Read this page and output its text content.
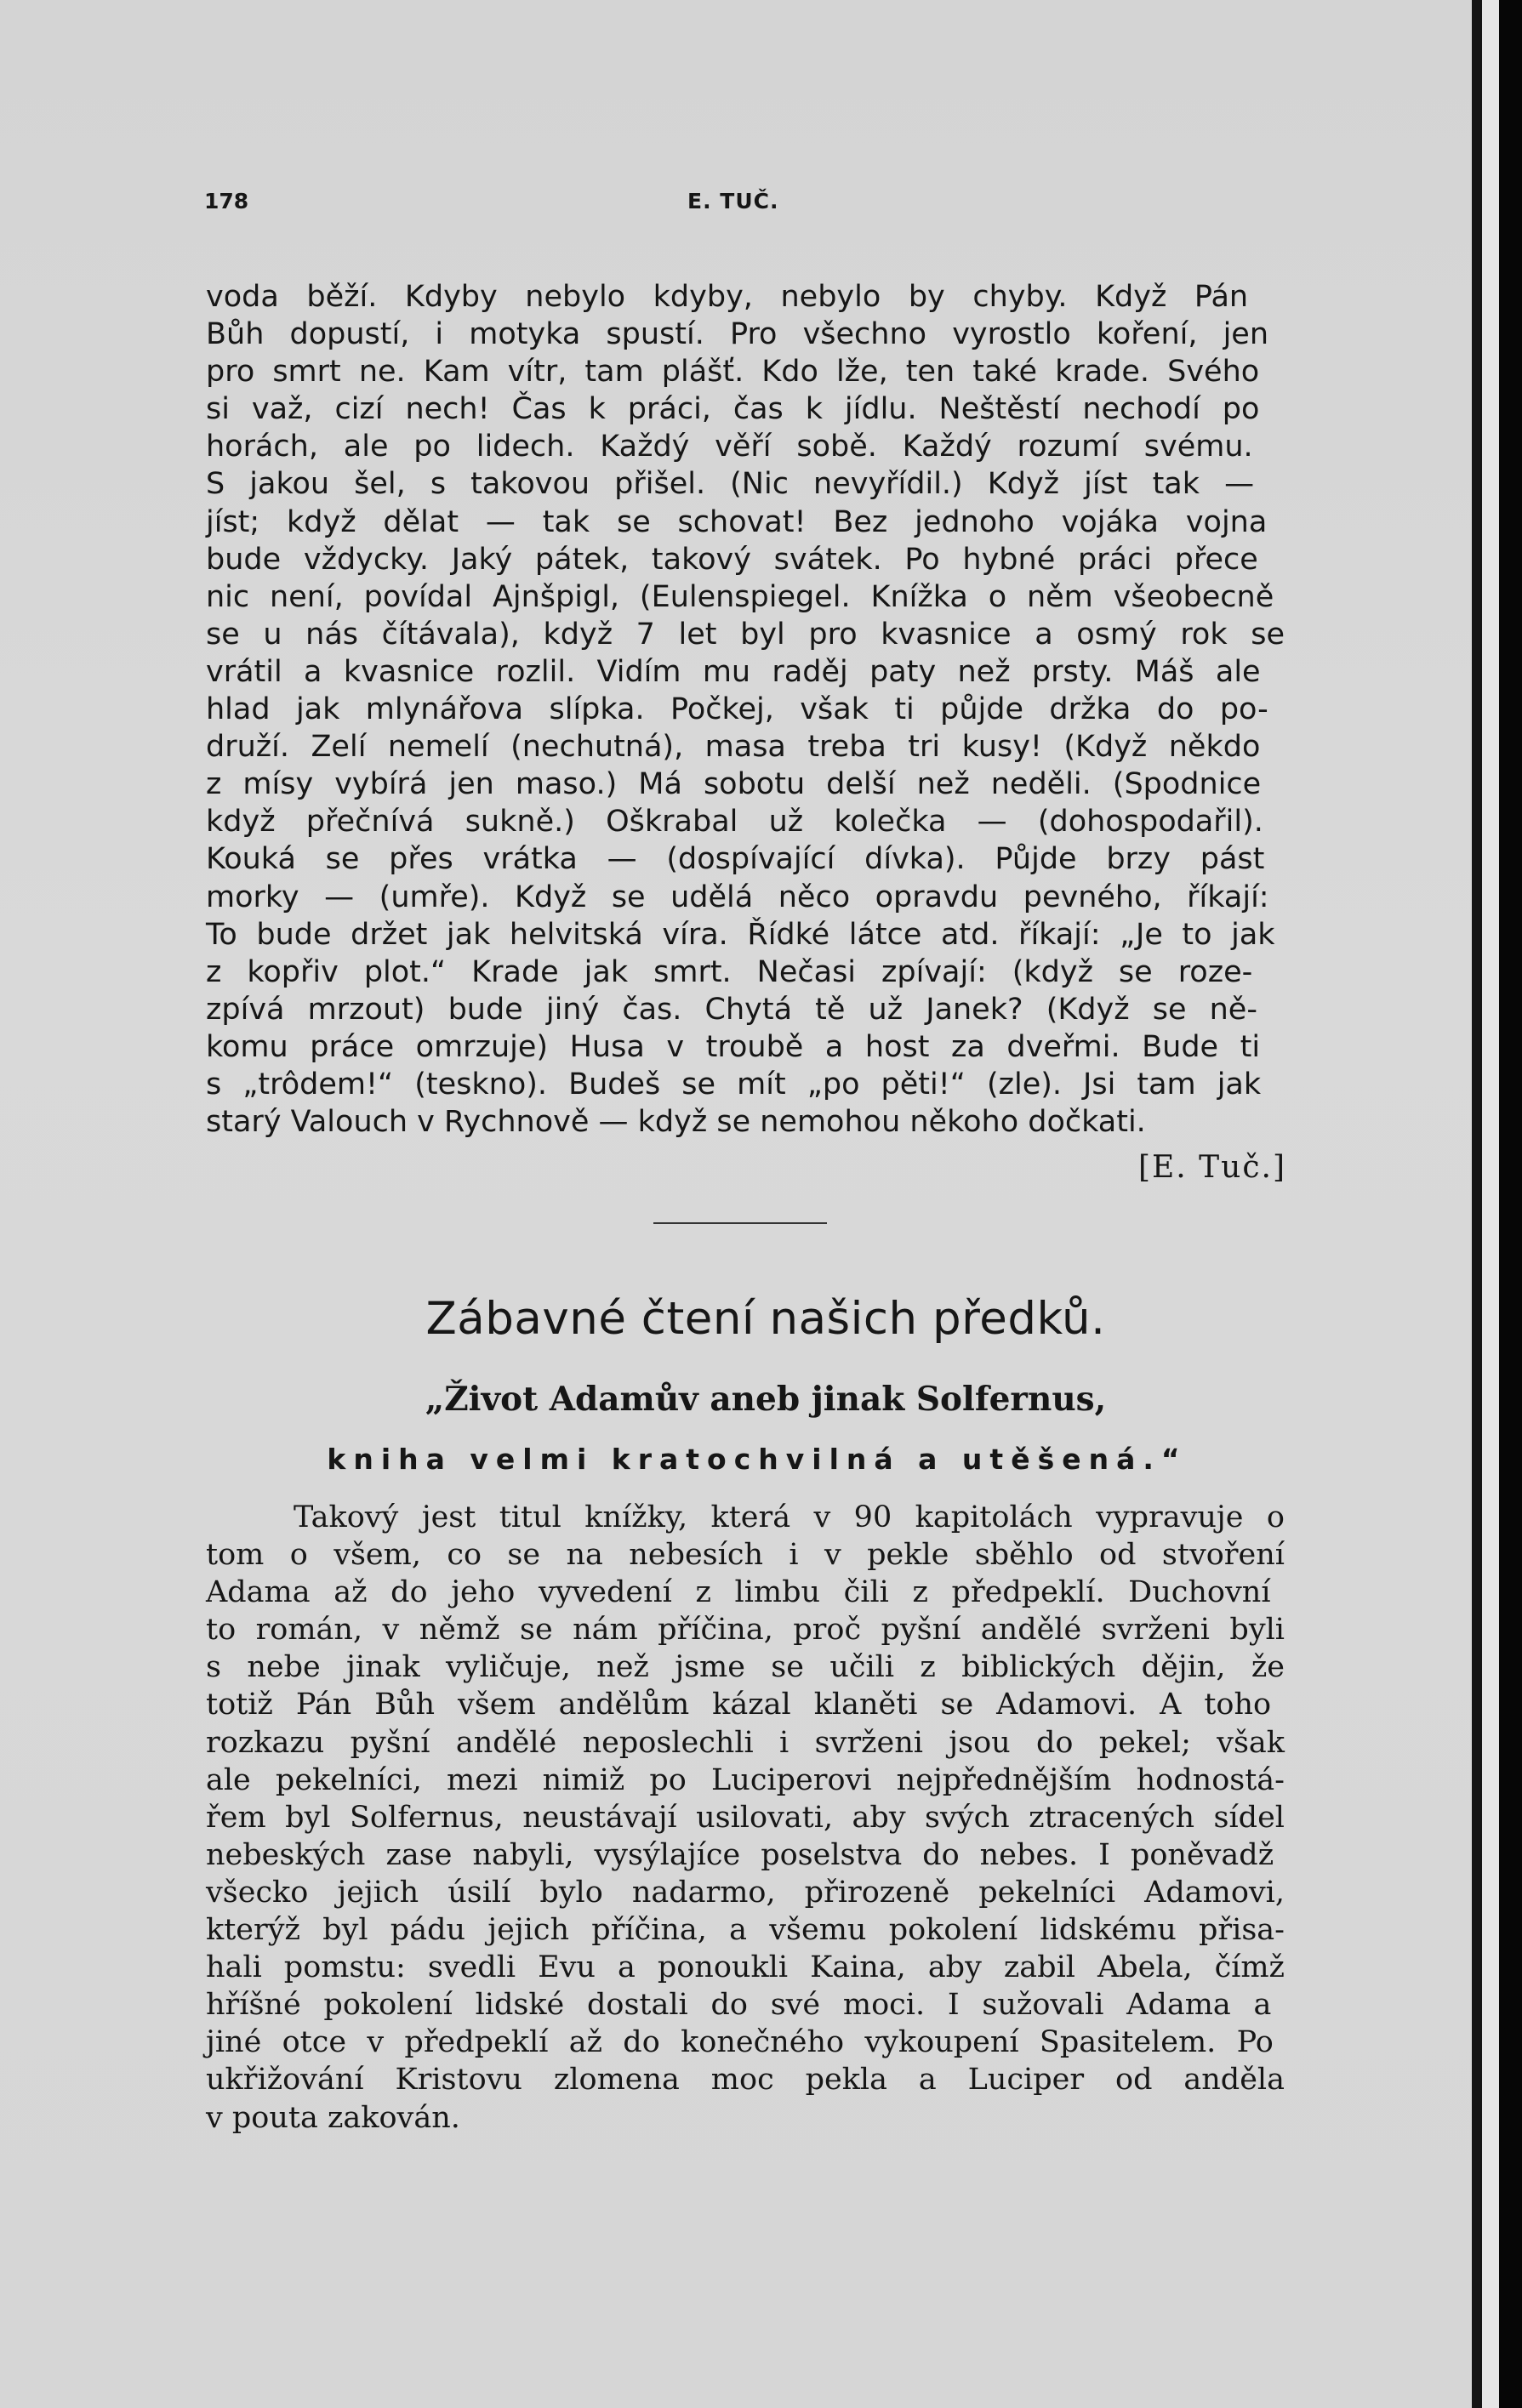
178	E. TUČ.
voda běží. Kdyby nebylo kdyby, nebylo by chyby. Když Pán
Bůh dopustí, i motyka spustí. Pro všechno vyrostlo koření, jen
pro smrt ne. Kam vítr, tam plášť. Kdo lže, ten také krade. Svého
si važ, cizí nech! Čas k práci, čas k jídlu. Neštěstí nechodí po
horách, ale po lidech. Každý věří sobě. Každý rozumí svému.
S jakou šel, s takovou přišel. (Nic nevyřídil.) Když jíst tak —
jíst; když dělat — tak se schovat! Bez jednoho vojáka vojna
bude vždycky. Jaký pátek, takový svátek. Po hybné práci přece
nic není, povídal Ajnšpigl, (Eulenspiegel. Knížka o něm všeobecně
se u nás čítávala), když 7 let byl pro kvasnice a osmý rok se
vrátil a kvasnice rozlil. Vidím mu raděj paty než prsty. Máš ale
hlad jak mlynářova slípka. Počkej, však ti půjde držka do po-
druží. Zelí nemelí (nechutná), masa treba tri kusy! (Když někdo
z mísy vybírá jen maso.) Má sobotu delší než neděli. (Spodnice
když přečnívá sukně.) Oškrabal už kolečka — (dohospodařil).
Kouká se přes vrátka — (dospívající dívka). Půjde brzy pást
morky — (umře). Když se udělá něco opravdu pevného, říkají:
To bude držet jak helvitská víra. Řídké látce atd. říkají: „Je to jak
z kopřiv plot.“ Krade jak smrt. Nečasi zpívají: (když se roze-
zpívá mrzout) bude jiný čas. Chytá tě už Janek? (Když se ně-
komu práce omrzuje) Husa v troubě a host za dveřmi. Bude ti
s „trôdem!“ (teskno). Budeš se mít „po pěti!“ (zle). Jsi tam jak
starý Valouch v Rychnově — když se nemohou někoho dočkati.
[E. Tuč.]
Zábavné čtení našich předků.
„Život Adamův aneb jinak Solfernus,
kniha velmi kratochvilná a utěšená.“
Takový jest titul knížky, která v 90 kapitolách vypravuje o
tom o všem, co se na nebesích i v pekle sběhlo od stvoření
Adama až do jeho vyvedení z limbu čili z předpeklí. Duchovní
to román, v němž se nám příčina, proč pyšní andělé svrženi byli
s nebe jinak vyličuje, než jsme se učili z biblických dějin, že
totiž Pán Bůh všem andělům kázal klaněti se Adamovi. A toho
rozkazu pyšní andělé neposlechli i svrženi jsou do pekel; však
ale pekelníci, mezi nimiž po Luciperovi nejpřednějším hodnostá-
řem byl Solfernus, neustávají usilovati, aby svých ztracených sídel
nebeských zase nabyli, vysýlajíce poselstva do nebes. I poněvadž
všecko jejich úsilí bylo nadarmo, přirozeně pekelníci Adamovi,
kterýž byl pádu jejich příčina, a všemu pokolení lidskému přisa-
hali pomstu: svedli Evu a ponoukli Kaina, aby zabil Abela, čímž
hříšné pokolení lidské dostali do své moci. I sužovali Adama a
jiné otce v předpeklí až do konečného vykoupení Spasitelem. Po
ukřižování Kristovu zlomena moc pekla a Luciper od anděla
v pouta zakován.
